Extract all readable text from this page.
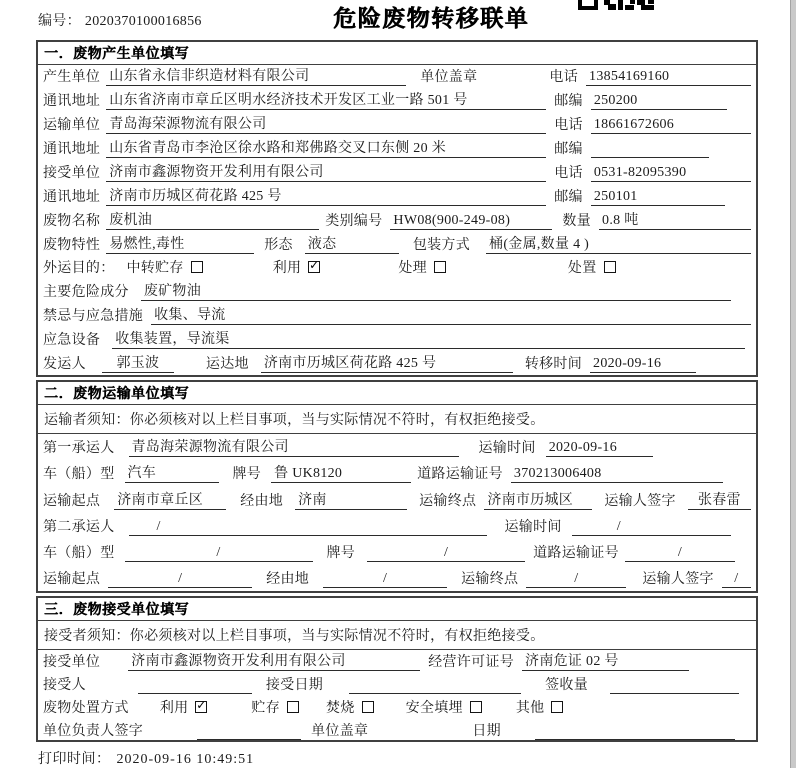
编号： 2020370100016856	危险废物转移联单
一．废物产生单位填写
产生单位 山东省永信非织造材料有限公司	单位盖章	电话 13854169160
通讯地址 山东省济南市章丘区明水经济技术开发区工业一路 501 号	邮编 250200
运输单位 青岛海荣源物流有限公司	电话 18661672606
通讯地址 山东省青岛市李沧区徐水路和郑佛路交叉口东侧 20 米	邮编
接受单位 济南市鑫源物资开发利用有限公司	电话 0531-82095390
通讯地址 济南市历城区荷花路 425 号	邮编 250101
废物名称 废机油	类别编号 HW08(900-249-08)	数量 0.8 吨
废物特性 易燃性,毒性	形态 液态	包装方式 桶(金属,数量 4 )
外运目的： 中转贮存	利用 ✓	处理	处置
主要危险成分 废矿物油
禁忌与应急措施 收集、导流
应急设备 收集装置，导流渠
发运人	郭玉波	运达地 济南市历城区荷花路 425 号	转移时间 2020-09-16
二．废物运输单位填写
运输者须知：你必须核对以上栏目事项，当与实际情况不符时，有权拒绝接受。
第一承运人 青岛海荣源物流有限公司	运输时间 2020-09-16
车（船）型 汽车	牌号 鲁 UK8120	道路运输证号 370213006408
运输起点 济南市章丘区	经由地 济南	运输终点 济南市历城区	运输人签字	张春雷
第二承运人	/	运输时间	/
车（船）型	/	牌号	/	道路运输证号	/
运输起点	/	经由地	/	运输终点	/	运输人签字	/
三．废物接受单位填写
接受者须知：你必须核对以上栏目事项，当与实际情况不符时，有权拒绝接受。
接受单位 济南市鑫源物资开发利用有限公司	经营许可证号 济南危证 02 号
接受人	接受日期	签收量
废物处置方式 利用 ✓	贮存	焚烧	安全填埋	其他
单位负责人签字	单位盖章	日期
打印时间： 2020-09-16 10:49:51
